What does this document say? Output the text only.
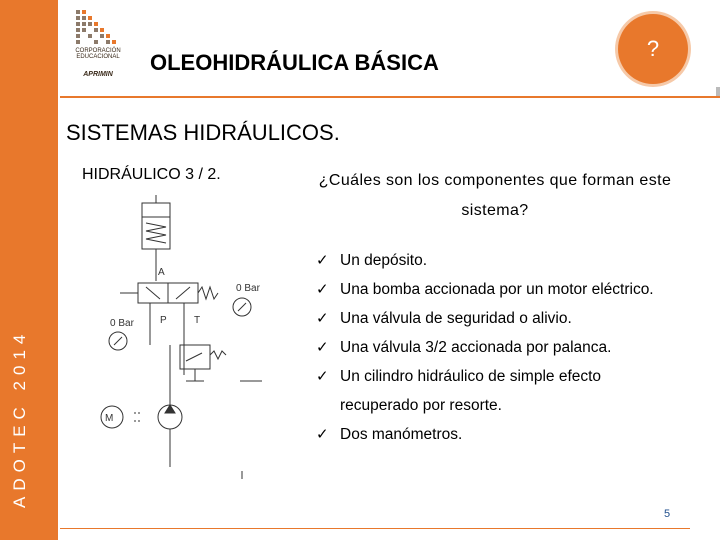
ADOTEC 2014
CORPORACIÓN EDUCACIONAL
APRIMIN	OLEOHIDRÁULICA BÁSICA
?
SISTEMAS HIDRÁULICOS.
HIDRÁULICO 3 / 2.	¿Cuáles son los componentes que forman este sistema?
✓ Un depósito.
✓ Una bomba accionada por un motor eléctrico.
✓ Una válvula de seguridad o alivio.
✓ Una válvula 3/2 accionada por palanca.
✓ Un cilindro hidráulico de simple efecto recuperado por resorte.
✓ Dos manómetros.
A
P	T
0 Bar
0 Bar
M
5
